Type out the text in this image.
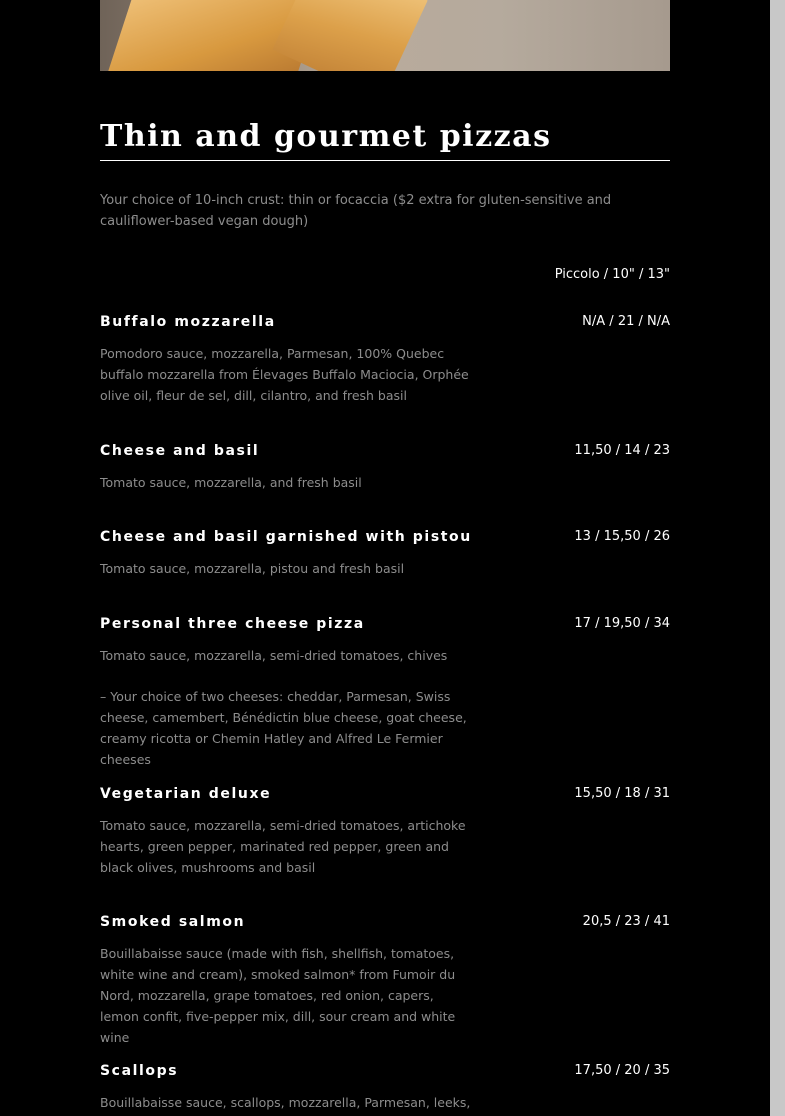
Thin and gourmet pizzas
Your choice of 10-inch crust: thin or focaccia ($2 extra for gluten-sensitive and cauliflower-based vegan dough)
Piccolo / 10" / 13"
Buffalo mozzarella	N/A / 21 / N/A
Pomodoro sauce, mozzarella, Parmesan, 100% Quebec buffalo mozzarella from Élevages Buffalo Maciocia, Orphée olive oil, fleur de sel, dill, cilantro, and fresh basil
Cheese and basil	11,50 / 14 / 23
Tomato sauce, mozzarella, and fresh basil
Cheese and basil garnished with pistou	13 / 15,50 / 26
Tomato sauce, mozzarella, pistou and fresh basil
Personal three cheese pizza	17 / 19,50 / 34
Tomato sauce, mozzarella, semi-dried tomatoes, chives
– Your choice of two cheeses: cheddar, Parmesan, Swiss cheese, camembert, Bénédictin blue cheese, goat cheese, creamy ricotta or Chemin Hatley and Alfred Le Fermier cheeses
Vegetarian deluxe	15,50 / 18 / 31
Tomato sauce, mozzarella, semi-dried tomatoes, artichoke hearts, green pepper, marinated red pepper, green and black olives, mushrooms and basil
Smoked salmon	20,5 / 23 / 41
Bouillabaisse sauce (made with fish, shellfish, tomatoes, white wine and cream), smoked salmon* from Fumoir du Nord, mozzarella, grape tomatoes, red onion, capers, lemon confit, five-pepper mix, dill, sour cream and white wine
Scallops	17,50 / 20 / 35
Bouillabaisse sauce, scallops, mozzarella, Parmesan, leeks,
